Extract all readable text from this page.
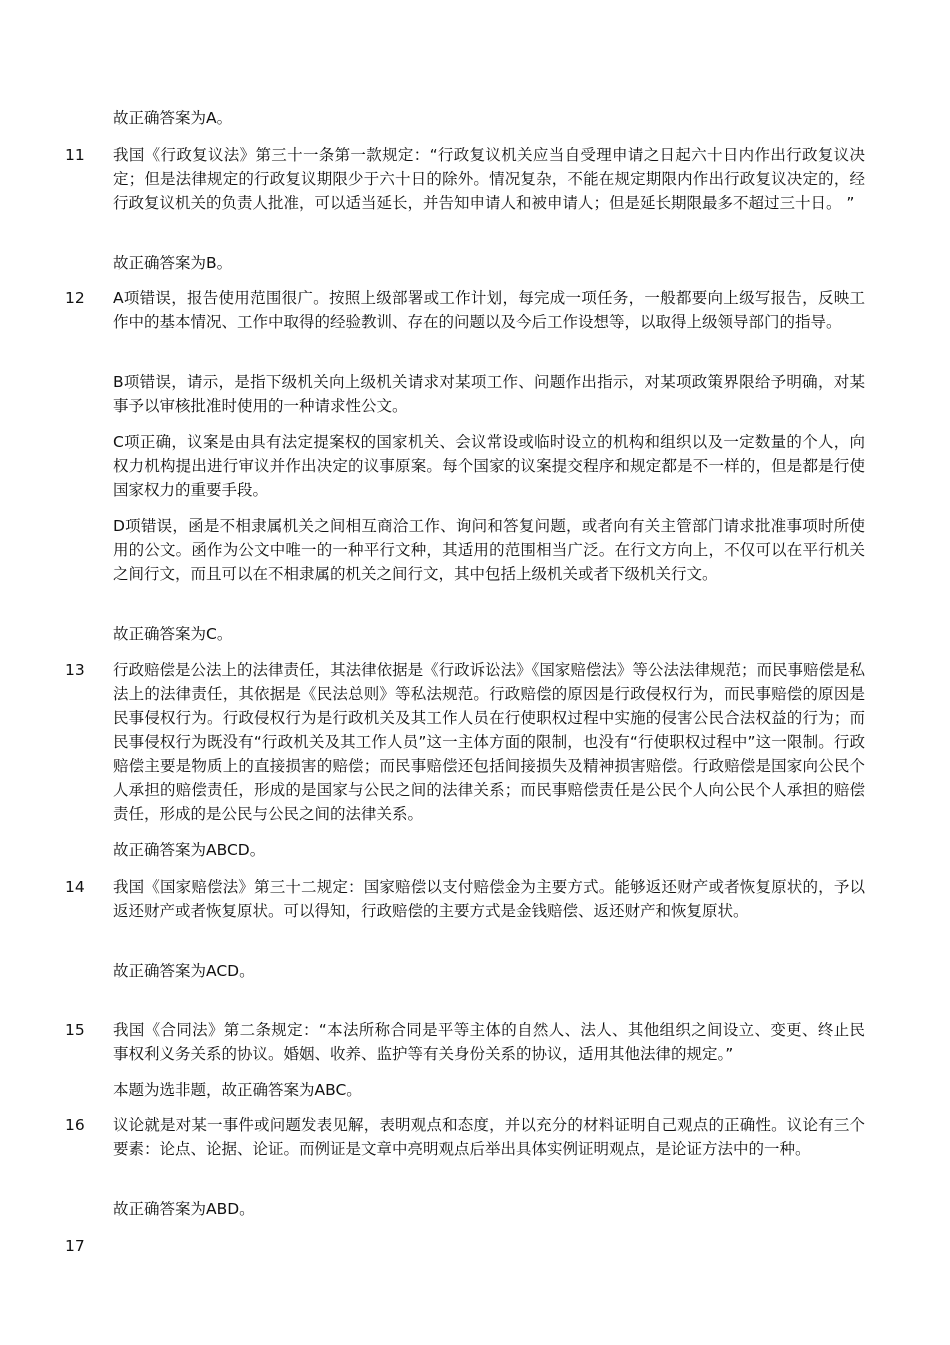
故正确答案为A。

11 我国《行政复议法》第三十一条第一款规定：“行政复议机关应当自受理申请之日起六十日内作出行政复议决定；但是法律规定的行政复议期限少于六十日的除外。情况复杂，不能在规定期限内作出行政复议决定的，经行政复议机关的负责人批准，可以适当延长，并告知申请人和被申请人；但是延长期限最多不超过三十日。 ”

故正确答案为B。

12 A项错误，报告使用范围很广。按照上级部署或工作计划，每完成一项任务，一般都要向上级写报告，反映工作中的基本情况、工作中取得的经验教训、存在的问题以及今后工作设想等，以取得上级领导部门的指导。

B项错误，请示，是指下级机关向上级机关请求对某项工作、问题作出指示，对某项政策界限给予明确，对某事予以审核批准时使用的一种请求性公文。

C项正确，议案是由具有法定提案权的国家机关、会议常设或临时设立的机构和组织以及一定数量的个人，向权力机构提出进行审议并作出决定的议事原案。每个国家的议案提交程序和规定都是不一样的，但是都是行使国家权力的重要手段。

D项错误，函是不相隶属机关之间相互商洽工作、询问和答复问题，或者向有关主管部门请求批准事项时所使用的公文。函作为公文中唯一的一种平行文种，其适用的范围相当广泛。在行文方向上，不仅可以在平行机关之间行文，而且可以在不相隶属的机关之间行文，其中包括上级机关或者下级机关行文。

故正确答案为C。

13 行政赔偿是公法上的法律责任，其法律依据是《行政诉讼法》《国家赔偿法》等公法法律规范；而民事赔偿是私法上的法律责任，其依据是《民法总则》等私法规范。行政赔偿的原因是行政侵权行为，而民事赔偿的原因是民事侵权行为。行政侵权行为是行政机关及其工作人员在行使职权过程中实施的侵害公民合法权益的行为；而民事侵权行为既没有“行政机关及其工作人员”这一主体方面的限制，也没有“行使职权过程中”这一限制。行政赔偿主要是物质上的直接损害的赔偿；而民事赔偿还包括间接损失及精神损害赔偿。行政赔偿是国家向公民个人承担的赔偿责任，形成的是国家与公民之间的法律关系；而民事赔偿责任是公民个人向公民个人承担的赔偿责任，形成的是公民与公民之间的法律关系。

故正确答案为ABCD。

14 我国《国家赔偿法》第三十二规定：国家赔偿以支付赔偿金为主要方式。能够返还财产或者恢复原状的，予以返还财产或者恢复原状。可以得知，行政赔偿的主要方式是金钱赔偿、返还财产和恢复原状。

故正确答案为ACD。

15 我国《合同法》第二条规定：“本法所称合同是平等主体的自然人、法人、其他组织之间设立、变更、终止民事权利义务关系的协议。婚姻、收养、监护等有关身份关系的协议，适用其他法律的规定。”

本题为选非题，故正确答案为ABC。

16 议论就是对某一事件或问题发表见解，表明观点和态度，并以充分的材料证明自己观点的正确性。议论有三个要素：论点、论据、论证。而例证是文章中亮明观点后举出具体实例证明观点，是论证方法中的一种。

故正确答案为ABD。

17
